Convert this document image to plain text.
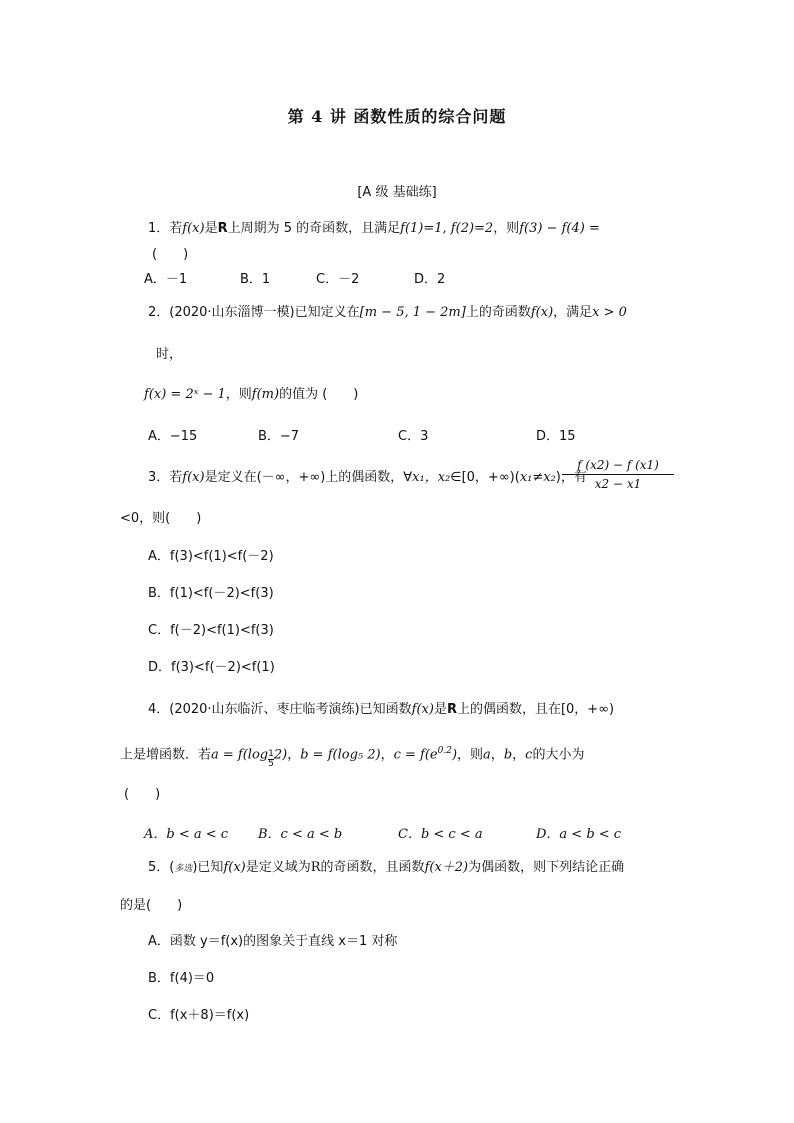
第 4 讲 函数性质的综合问题
[A 级 基础练]
1．若f(x)是R上周期为 5 的奇函数，且满足f(1)=1, f(2)=2，则f(3) − f(4) =
(　　)
A．－1	B．1	C．－2	D．2
2．(2020·山东淄博一模)已知定义在[m − 5, 1 − 2m]上的奇函数f(x)，满足x > 0
时，
f(x) = 2ˣ − 1，则f(m)的值为 (　　)
A．−15	B．−7	C．3	D．15
3．若f(x)是定义在(－∞，+∞)上的偶函数，∀x₁，x₂∈[0，+∞)(x₁≠x₂)，有
f (x2) − f (x1)
x2 − x1
<0，则(　　)
A．f(3)<f(1)<f(－2)
B．f(1)<f(－2)<f(3)
C．f(－2)<f(1)<f(3)
D．f(3)<f(－2)<f(1)
4．(2020·山东临沂、枣庄临考演练)已知函数f(x)是R上的偶函数，且在[0，+∞)
上是增函数．若$a = f(\log \frac{1}{5} 2)$，b = f(log₅ 2)，$c = f(e^{0.2})$，则a，b，c的大小为
(　　)
A．b < a < c B．c < a < b	C．b < c < a	D．a < b < c
5．(多选)已知f(x)是定义域为R的奇函数，且函数f(x＋2)为偶函数，则下列结论正确
的是(　　)
A．函数 y＝f(x)的图象关于直线 x＝1 对称
B．f(4)＝0
C．f(x＋8)＝f(x)
